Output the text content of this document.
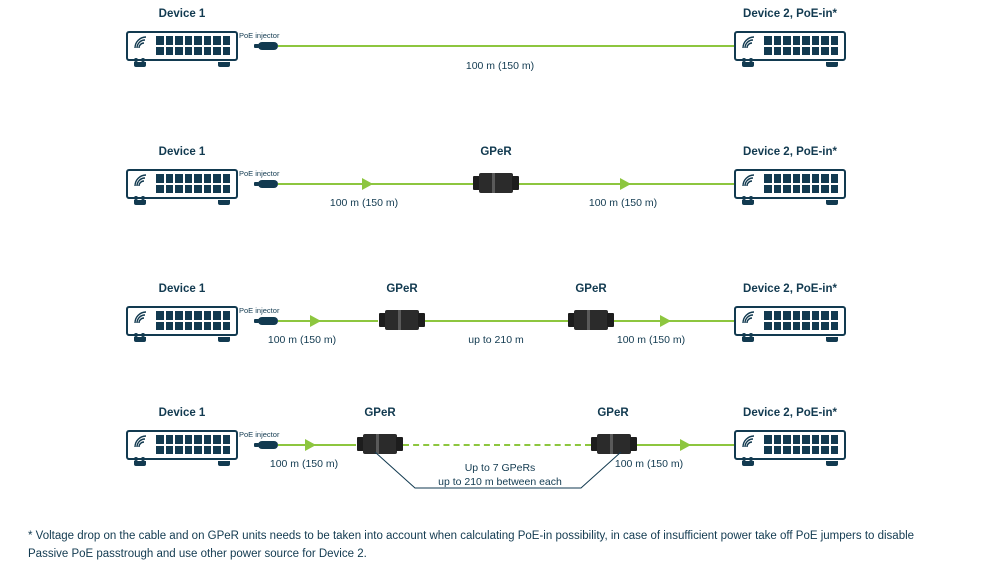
Device 1	Device 2, PoE-in*
PoE injector
100 m (150 m)
Device 1	GPeR	Device 2, PoE-in*
PoE injector
100 m (150 m)	100 m (150 m)
Device 1	GPeR	GPeR	Device 2, PoE-in*
PoE injector
100 m (150 m)	up to 210 m	100 m (150 m)
Device 1	GPeR	GPeR	Device 2, PoE-in*
PoE injector
100 m (150 m)	100 m (150 m)
Up to 7 GPeRs
up to 210 m between each
* Voltage drop on the cable and on GPeR units needs to be taken into account when calculating PoE-in possibility, in case of insufficient power take off PoE jumpers to disable Passive PoE passtrough and use other power source for Device 2.
